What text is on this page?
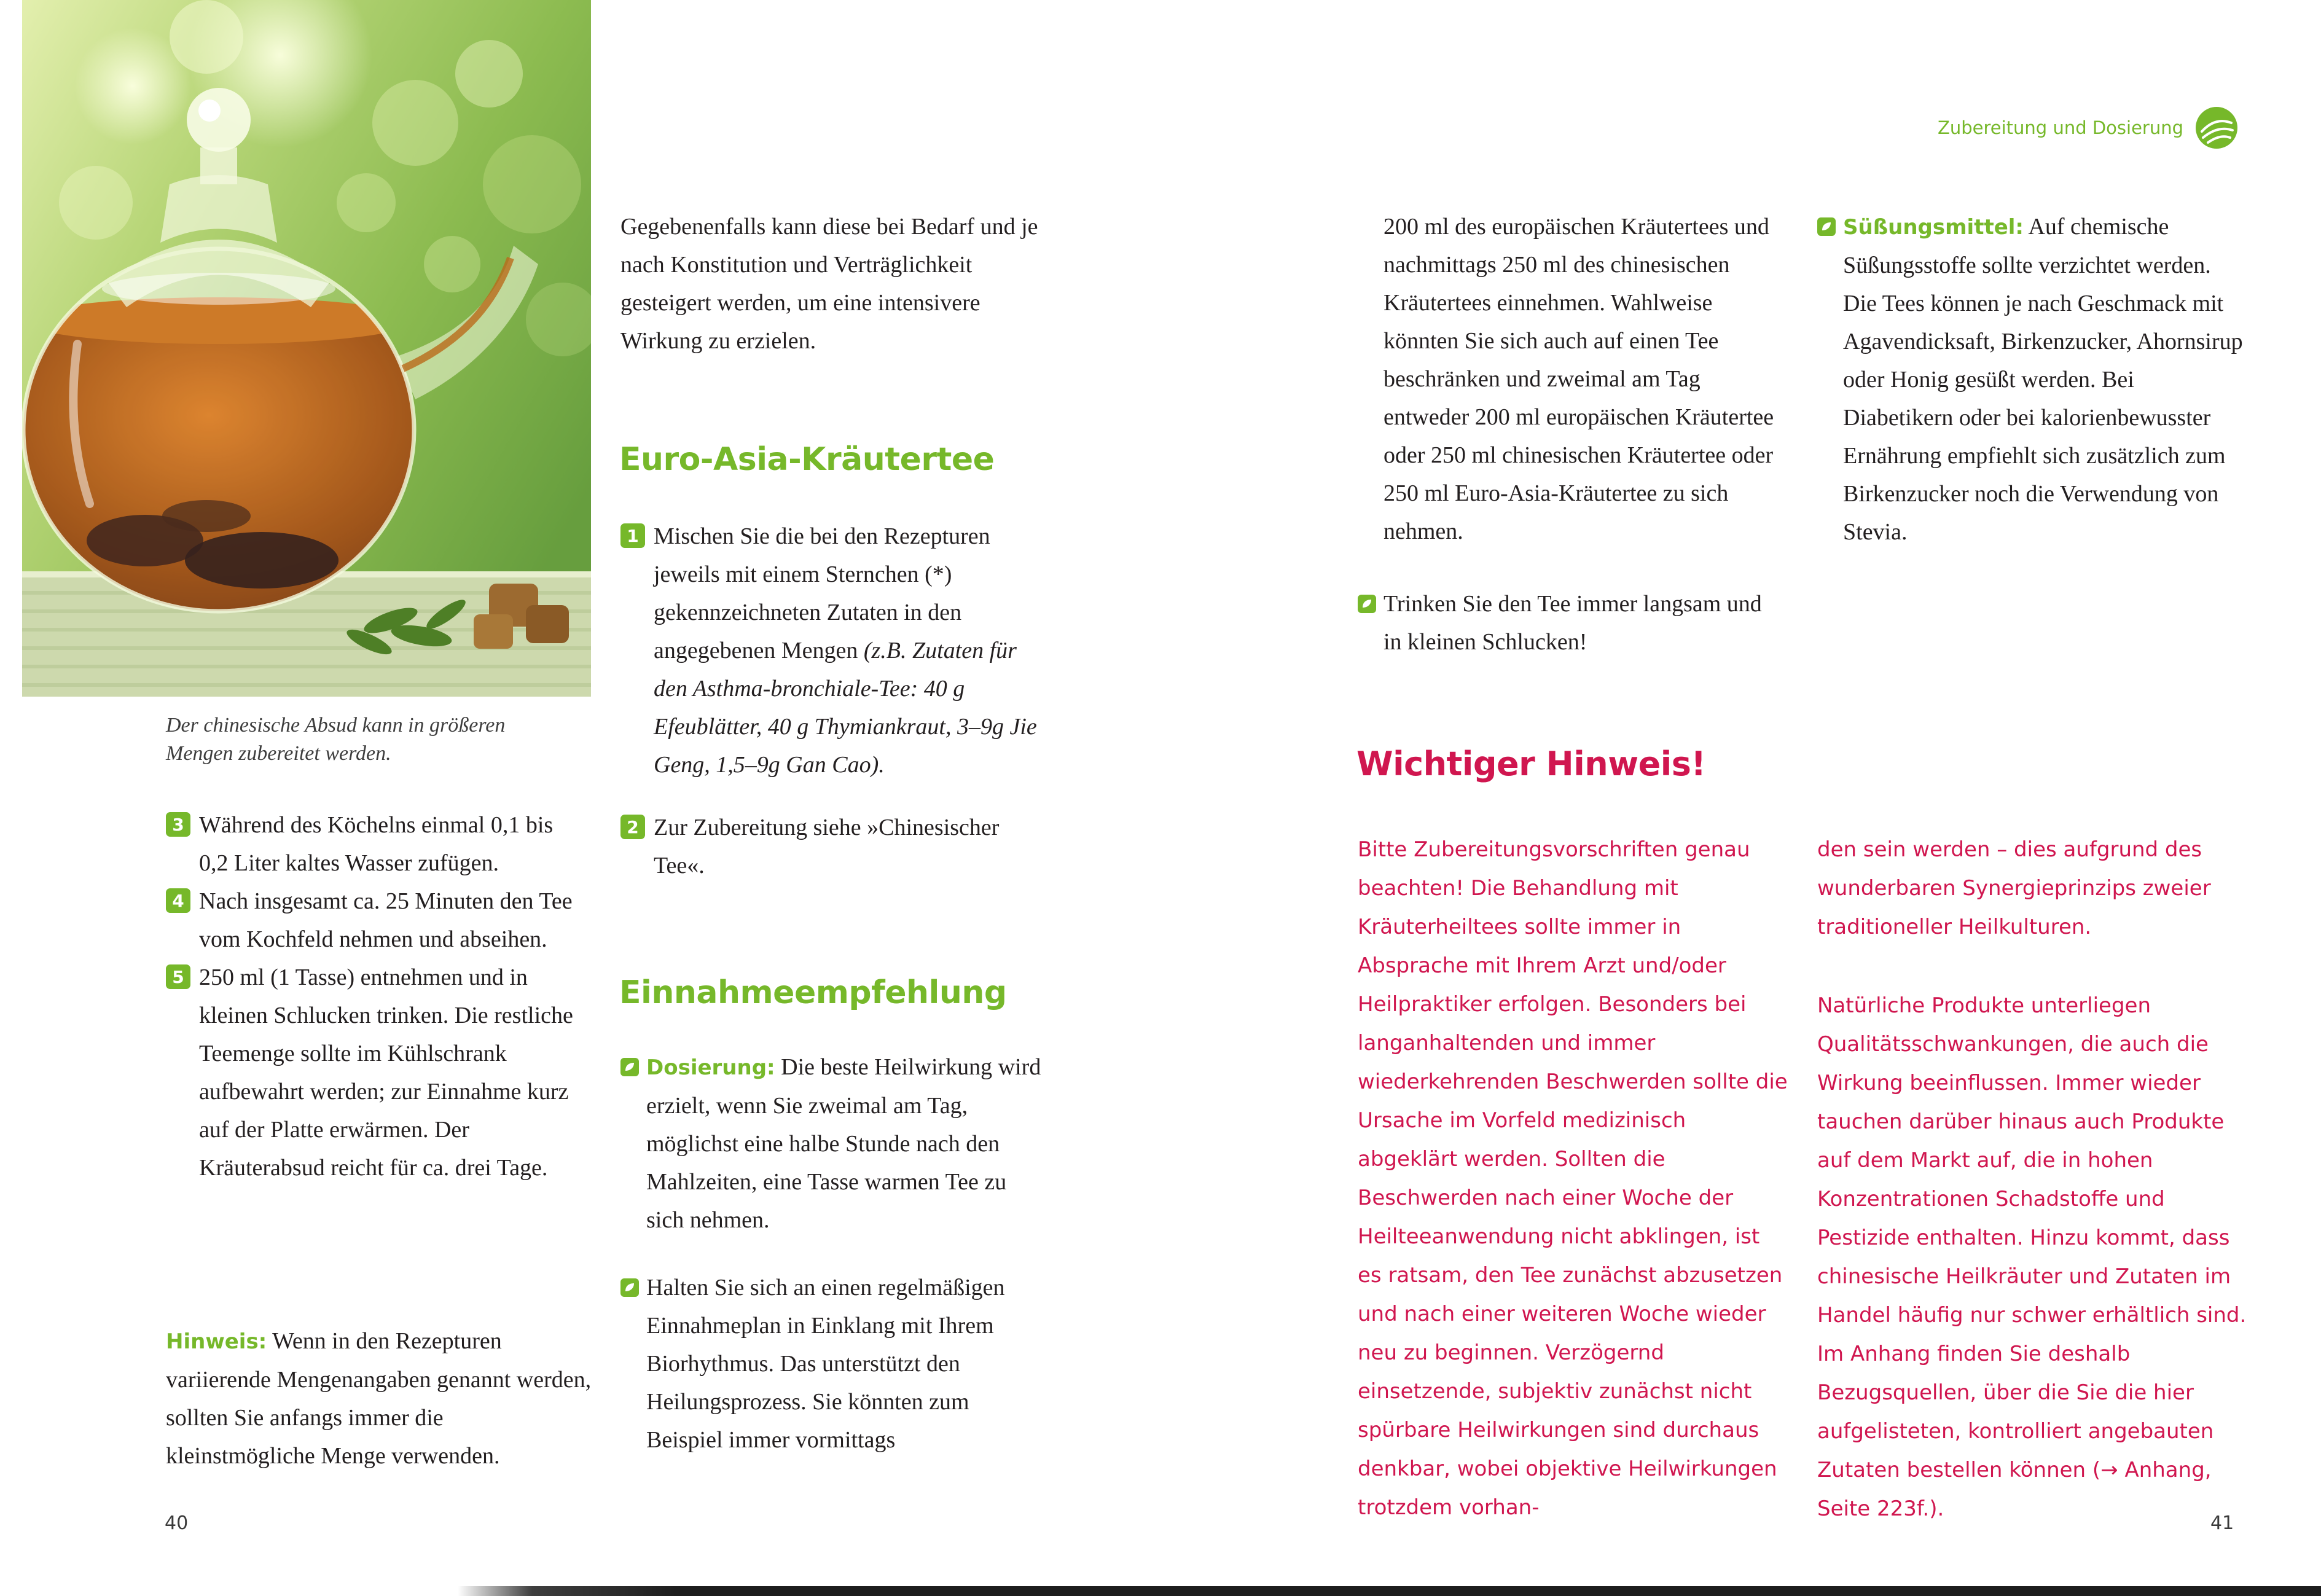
Der chinesische Absud kann in größeren Mengen zubereitet werden.

3 Während des Köchelns einmal 0,1 bis 0,2 Liter kaltes Wasser zufügen.

4 Nach insgesamt ca. 25 Minuten den Tee vom Kochfeld nehmen und abseihen.

5 250 ml (1 Tasse) entnehmen und in kleinen Schlucken trinken. Die restliche Teemenge sollte im Kühlschrank aufbewahrt werden; zur Einnahme kurz auf der Platte erwärmen. Der Kräuterabsud reicht für ca. drei Tage.

Hinweis: Wenn in den Rezepturen variierende Mengenangaben genannt werden, sollten Sie anfangs immer die kleinstmögliche Menge verwenden.

40

Gegebenenfalls kann diese bei Bedarf und je nach Konstitution und Verträglichkeit gesteigert werden, um eine intensivere Wirkung zu erzielen.

Euro-Asia-Kräutertee
1 Mischen Sie die bei den Rezepturen jeweils mit einem Sternchen (*) gekennzeichneten Zutaten in den angegebenen Mengen (z.B. Zutaten für den Asthma-bronchiale-Tee: 40 g Efeublätter, 40 g Thymiankraut, 3–9g Jie Geng, 1,5–9g Gan Cao).

2 Zur Zubereitung siehe »Chinesischer Tee«.

Einnahmeempfehlung

Dosierung: Die beste Heilwirkung wird erzielt, wenn Sie zweimal am Tag, möglichst eine halbe Stunde nach den Mahlzeiten, eine Tasse warmen Tee zu sich nehmen.

Halten Sie sich an einen regelmäßigen Einnahmeplan in Einklang mit Ihrem Biorhythmus. Das unterstützt den Heilungsprozess. Sie könnten zum Beispiel immer vormittags

Zubereitung und Dosierung

200 ml des europäischen Kräutertees und nachmittags 250 ml des chinesischen Kräutertees einnehmen. Wahlweise könnten Sie sich auch auf einen Tee beschränken und zweimal am Tag entweder 200 ml europäischen Kräutertee oder 250 ml chinesischen Kräutertee oder 250 ml Euro-Asia-Kräutertee zu sich nehmen.

Trinken Sie den Tee immer langsam und in kleinen Schlucken!

Wichtiger Hinweis!

Bitte Zubereitungsvorschriften genau beachten! Die Behandlung mit Kräuterheiltees sollte immer in Absprache mit Ihrem Arzt und/oder Heilpraktiker erfolgen. Besonders bei langanhaltenden und immer wiederkehrenden Beschwerden sollte die Ursache im Vorfeld medizinisch abgeklärt werden. Sollten die Beschwerden nach einer Woche der Heilteeanwendung nicht abklingen, ist es ratsam, den Tee zunächst abzusetzen und nach einer weiteren Woche wieder neu zu beginnen. Verzögernd einsetzende, subjektiv zunächst nicht spürbare Heilwirkungen sind durchaus denkbar, wobei objektive Heilwirkungen trotzdem vorhan-

Süßungsmittel: Auf chemische Süßungsstoffe sollte verzichtet werden. Die Tees können je nach Geschmack mit Agavendicksaft, Birkenzucker, Ahornsirup oder Honig gesüßt werden. Bei Diabetikern oder bei kalorienbewusster Ernährung empfiehlt sich zusätzlich zum Birkenzucker noch die Verwendung von Stevia.

den sein werden – dies aufgrund des wunderbaren Synergieprinzips zweier traditioneller Heilkulturen.

Natürliche Produkte unterliegen Qualitätsschwankungen, die auch die Wirkung beeinflussen. Immer wieder tauchen darüber hinaus auch Produkte auf dem Markt auf, die in hohen Konzentrationen Schadstoffe und Pestizide enthalten. Hinzu kommt, dass chinesische Heilkräuter und Zutaten im Handel häufig nur schwer erhältlich sind. Im Anhang finden Sie deshalb Bezugsquellen, über die Sie die hier aufgelisteten, kontrolliert angebauten Zutaten bestellen können (→ Anhang, Seite 223f.).

41
